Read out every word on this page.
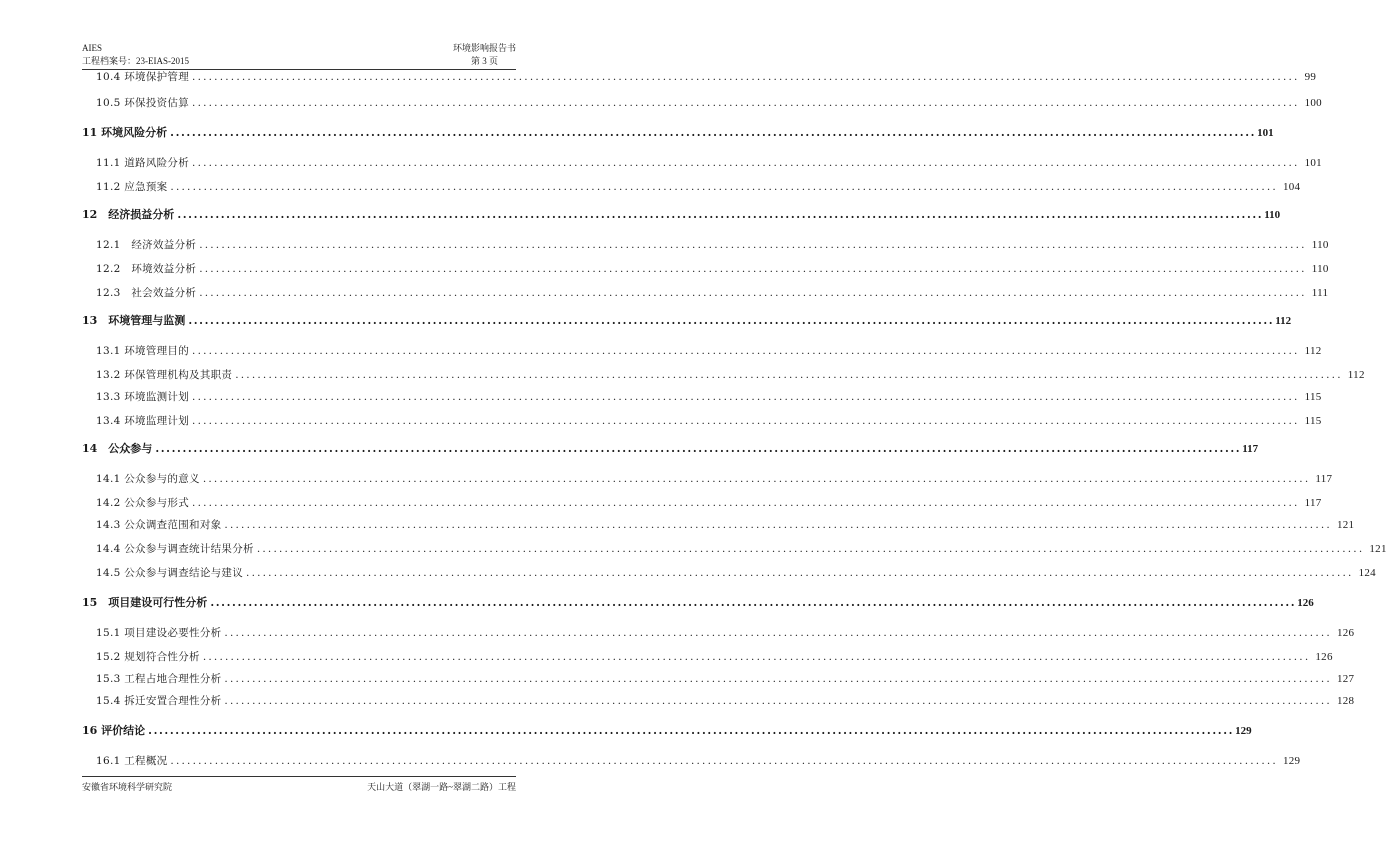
AIES
工程档案号：23-EIAS-2015
环境影响报告书
第 3 页
10.4 环境保护管理 ........................................................................................................................................................................................................ 99
10.5 环保投资估算 ........................................................................................................................................................................................................ 100
11 环境风险分析 ........................................................................................................................................................................................................ 101
11.1 道路风险分析 ........................................................................................................................................................................................................ 101
11.2 应急预案 ........................................................................................................................................................................................................ 104
12　经济损益分析 ........................................................................................................................................................................................................ 110
12.1　经济效益分析 ........................................................................................................................................................................................................ 110
12.2　环境效益分析 ........................................................................................................................................................................................................ 110
12.3　社会效益分析 ........................................................................................................................................................................................................ 111
13　环境管理与监测 ........................................................................................................................................................................................................ 112
13.1 环境管理目的 ........................................................................................................................................................................................................ 112
13.2 环保管理机构及其职责 ........................................................................................................................................................................................................ 112
13.3 环境监测计划 ........................................................................................................................................................................................................ 115
13.4 环境监理计划 ........................................................................................................................................................................................................ 115
14　公众参与 ........................................................................................................................................................................................................ 117
14.1 公众参与的意义 ........................................................................................................................................................................................................ 117
14.2 公众参与形式 ........................................................................................................................................................................................................ 117
14.3 公众调查范围和对象 ........................................................................................................................................................................................................ 121
14.4 公众参与调查统计结果分析 ........................................................................................................................................................................................................ 121
14.5 公众参与调查结论与建议 ........................................................................................................................................................................................................ 124
15　项目建设可行性分析 ........................................................................................................................................................................................................ 126
15.1 项目建设必要性分析 ........................................................................................................................................................................................................ 126
15.2 规划符合性分析 ........................................................................................................................................................................................................ 126
15.3 工程占地合理性分析 ........................................................................................................................................................................................................ 127
15.4 拆迁安置合理性分析 ........................................................................................................................................................................................................ 128
16 评价结论 ........................................................................................................................................................................................................ 129
16.1 工程概况 ........................................................................................................................................................................................................ 129
安徽省环境科学研究院	天山大道（翠湖一路~翠湖二路）工程
